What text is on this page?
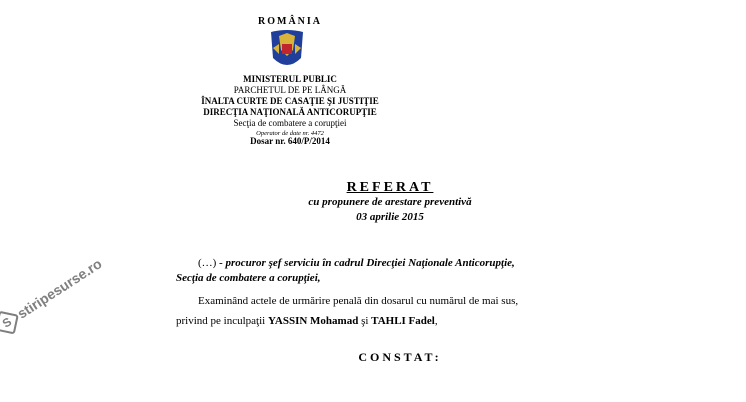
ROMÂNIA
MINISTERUL PUBLIC
PARCHETUL DE PE LÂNGĂ
ÎNALTA CURTE DE CASAŢIE ŞI JUSTIŢIE
DIRECŢIA NAŢIONALĂ ANTICORUPŢIE
Secţia de combatere a corupţiei
Operator de date nr. 4472
Dosar nr. 640/P/2014
REFERAT
cu propunere de arestare preventivă
03 aprilie 2015
(…) - procuror şef serviciu în cadrul Direcţiei Naţionale Anticorupţie,
Secţia de combatere a corupţiei,
Examinând actele de urmărire penală din dosarul cu numărul de mai sus,
privind pe inculpaţii YASSIN Mohamad şi TAHLI Fadel,
CONSTAT:
S
stiripesurse.ro
